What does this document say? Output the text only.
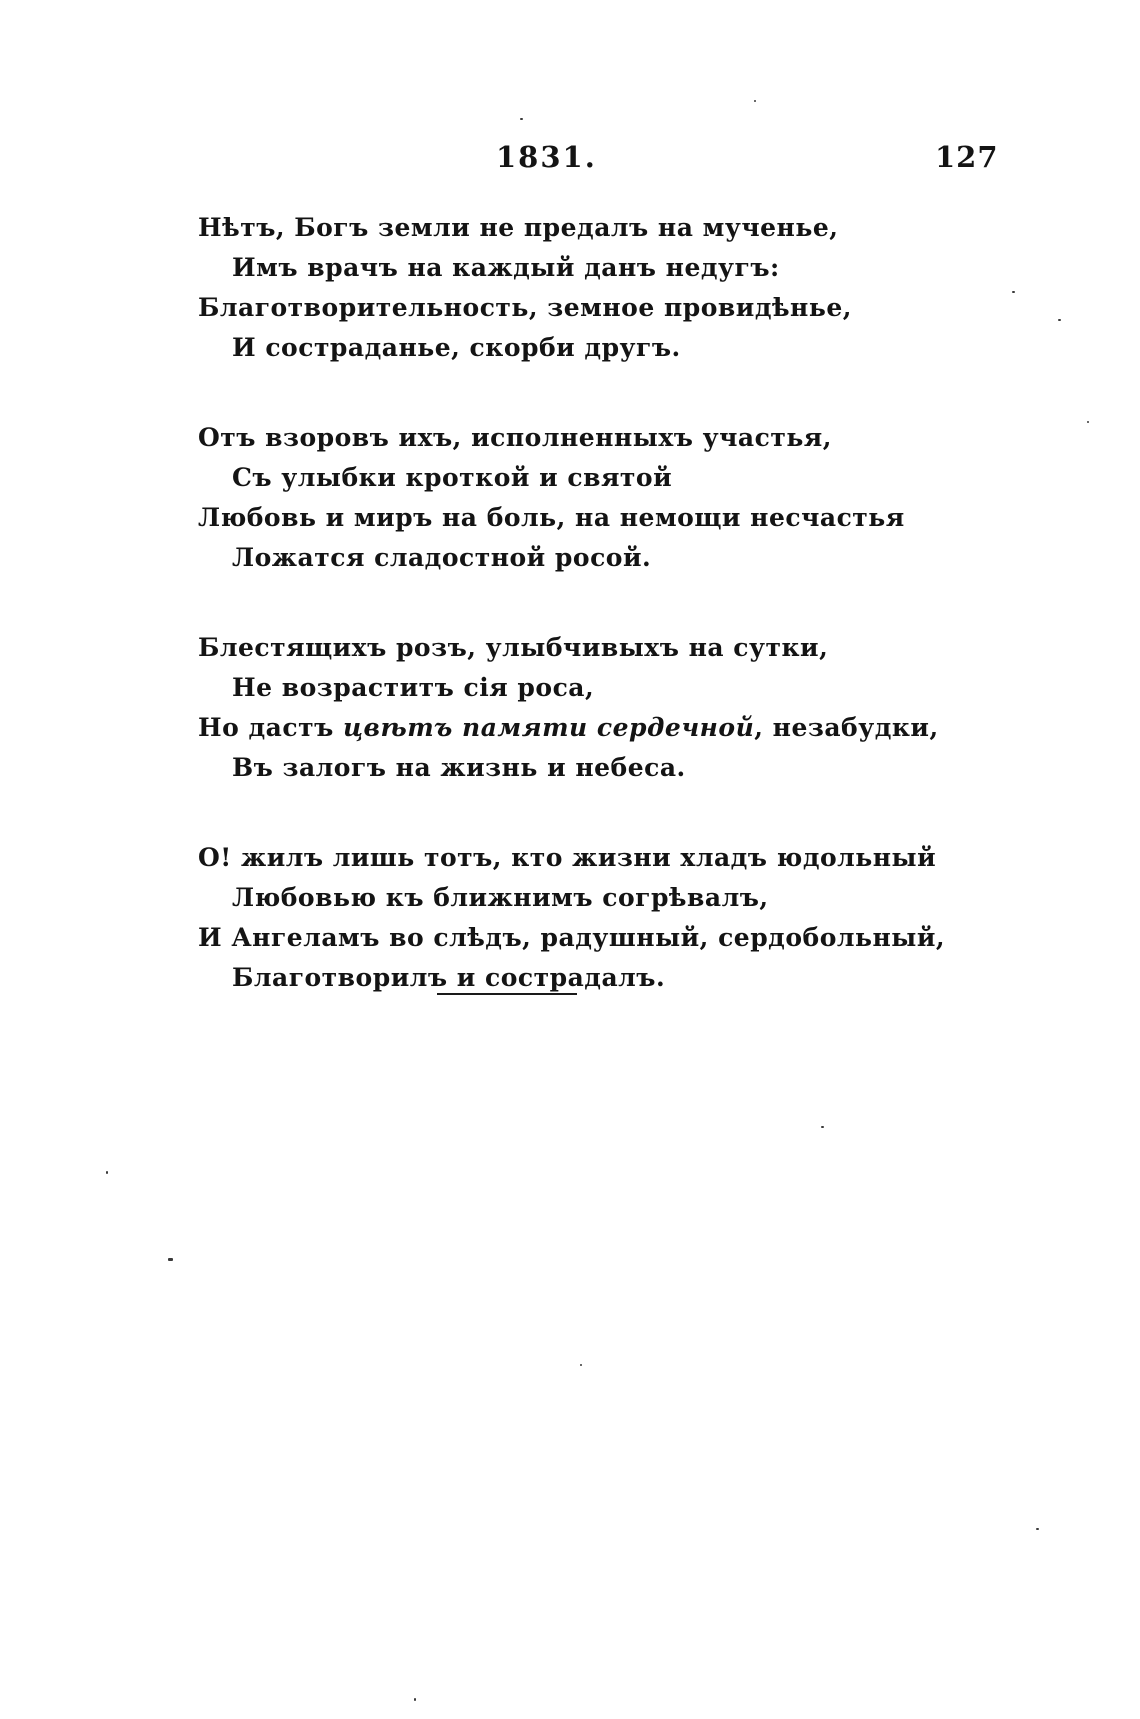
1831.	127
Нѣтъ, Богъ земли не предалъ на мученье,
Имъ врачъ на каждый данъ недугъ:
Благотворительность, земное провидѣнье,
И состраданье, скорби другъ.
Отъ взоровъ ихъ, исполненныхъ участья,
Съ улыбки кроткой и святой
Любовь и миръ на боль, на немощи несчастья
Ложатся сладостной росой.
Блестящихъ розъ, улыбчивыхъ на сутки,
Не возраститъ сія роса,
Но дастъ цвѣтъ памяти сердечной, незабудки,
Въ залогъ на жизнь и небеса.
О! жилъ лишь тотъ, кто жизни хладъ юдольный
Любовью къ ближнимъ согрѣвалъ,
И Ангеламъ во слѣдъ, радушный, сердобольный,
Благотворилъ и сострадалъ.
